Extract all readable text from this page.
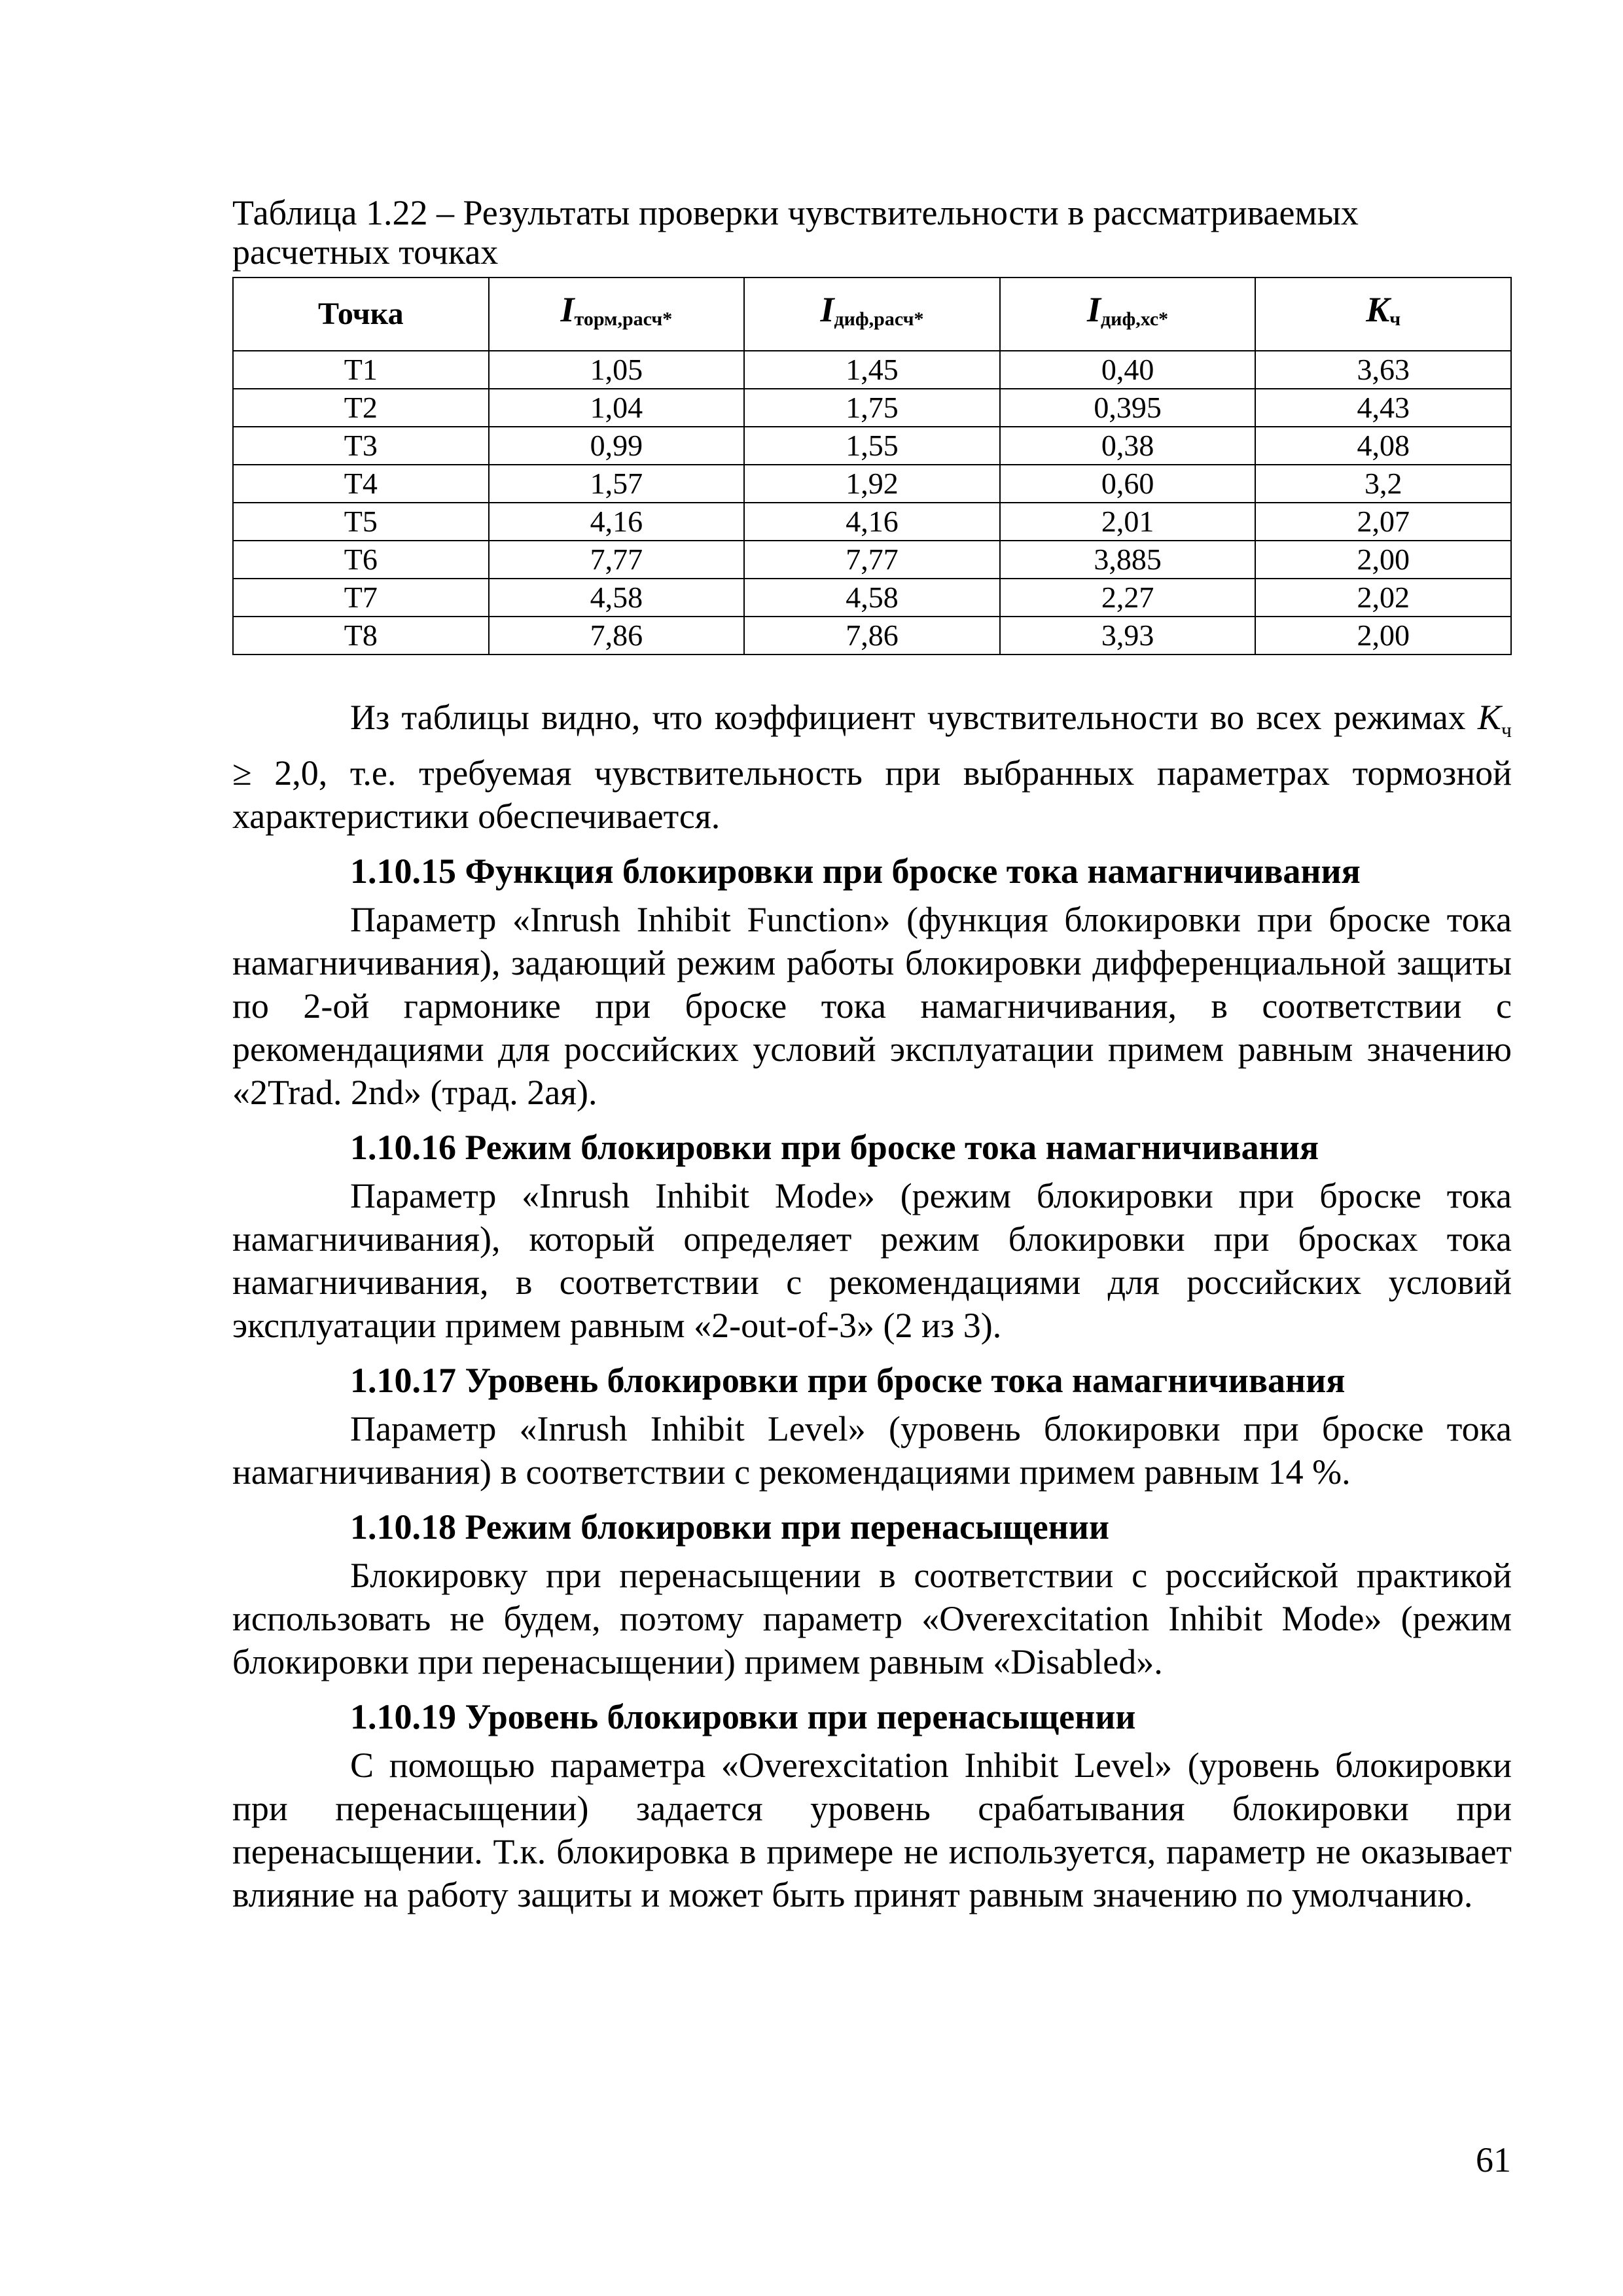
Таблица 1.22 – Результаты проверки чувствительности в рассматриваемых расчетных точках

Точка	Iторм,расч*	Iдиф,расч*	Iдиф,хс*	Kч
T1	1,05	1,45	0,40	3,63
T2	1,04	1,75	0,395	4,43
T3	0,99	1,55	0,38	4,08
T4	1,57	1,92	0,60	3,2
T5	4,16	4,16	2,01	2,07
T6	7,77	7,77	3,885	2,00
T7	4,58	4,58	2,27	2,02
T8	7,86	7,86	3,93	2,00

Из таблицы видно, что коэффициент чувствительности во всех режимах $K_ч \ge 2,0$, т.е. требуемая чувствительность при выбранных параметрах тормозной характеристики обеспечивается.

1.10.15 Функция блокировки при броске тока намагничивания

Параметр «Inrush Inhibit Function» (функция блокировки при броске тока намагничивания), задающий режим работы блокировки дифференциальной защиты по 2-ой гармонике при броске тока намагничивания, в соответствии с рекомендациями для российских условий эксплуатации примем равным значению «2Trad. 2nd» (трад. 2ая).

1.10.16 Режим блокировки при броске тока намагничивания

Параметр «Inrush Inhibit Mode» (режим блокировки при броске тока намагничивания), который определяет режим блокировки при бросках тока намагничивания, в соответствии с рекомендациями для российских условий эксплуатации примем равным «2-out-of-3» (2 из 3).

1.10.17 Уровень блокировки при броске тока намагничивания

Параметр «Inrush Inhibit Level» (уровень блокировки при броске тока намагничивания) в соответствии с рекомендациями примем равным 14 %.

1.10.18 Режим блокировки при перенасыщении

Блокировку при перенасыщении в соответствии с российской практикой использовать не будем, поэтому параметр «Overexcitation Inhibit Mode» (режим блокировки при перенасыщении) примем равным «Disabled».

1.10.19 Уровень блокировки при перенасыщении

С помощью параметра «Overexcitation Inhibit Level» (уровень блокировки при перенасыщении) задается уровень срабатывания блокировки при перенасыщении. Т.к. блокировка в примере не используется, параметр не оказывает влияние на работу защиты и может быть принят равным значению по умолчанию.

61
